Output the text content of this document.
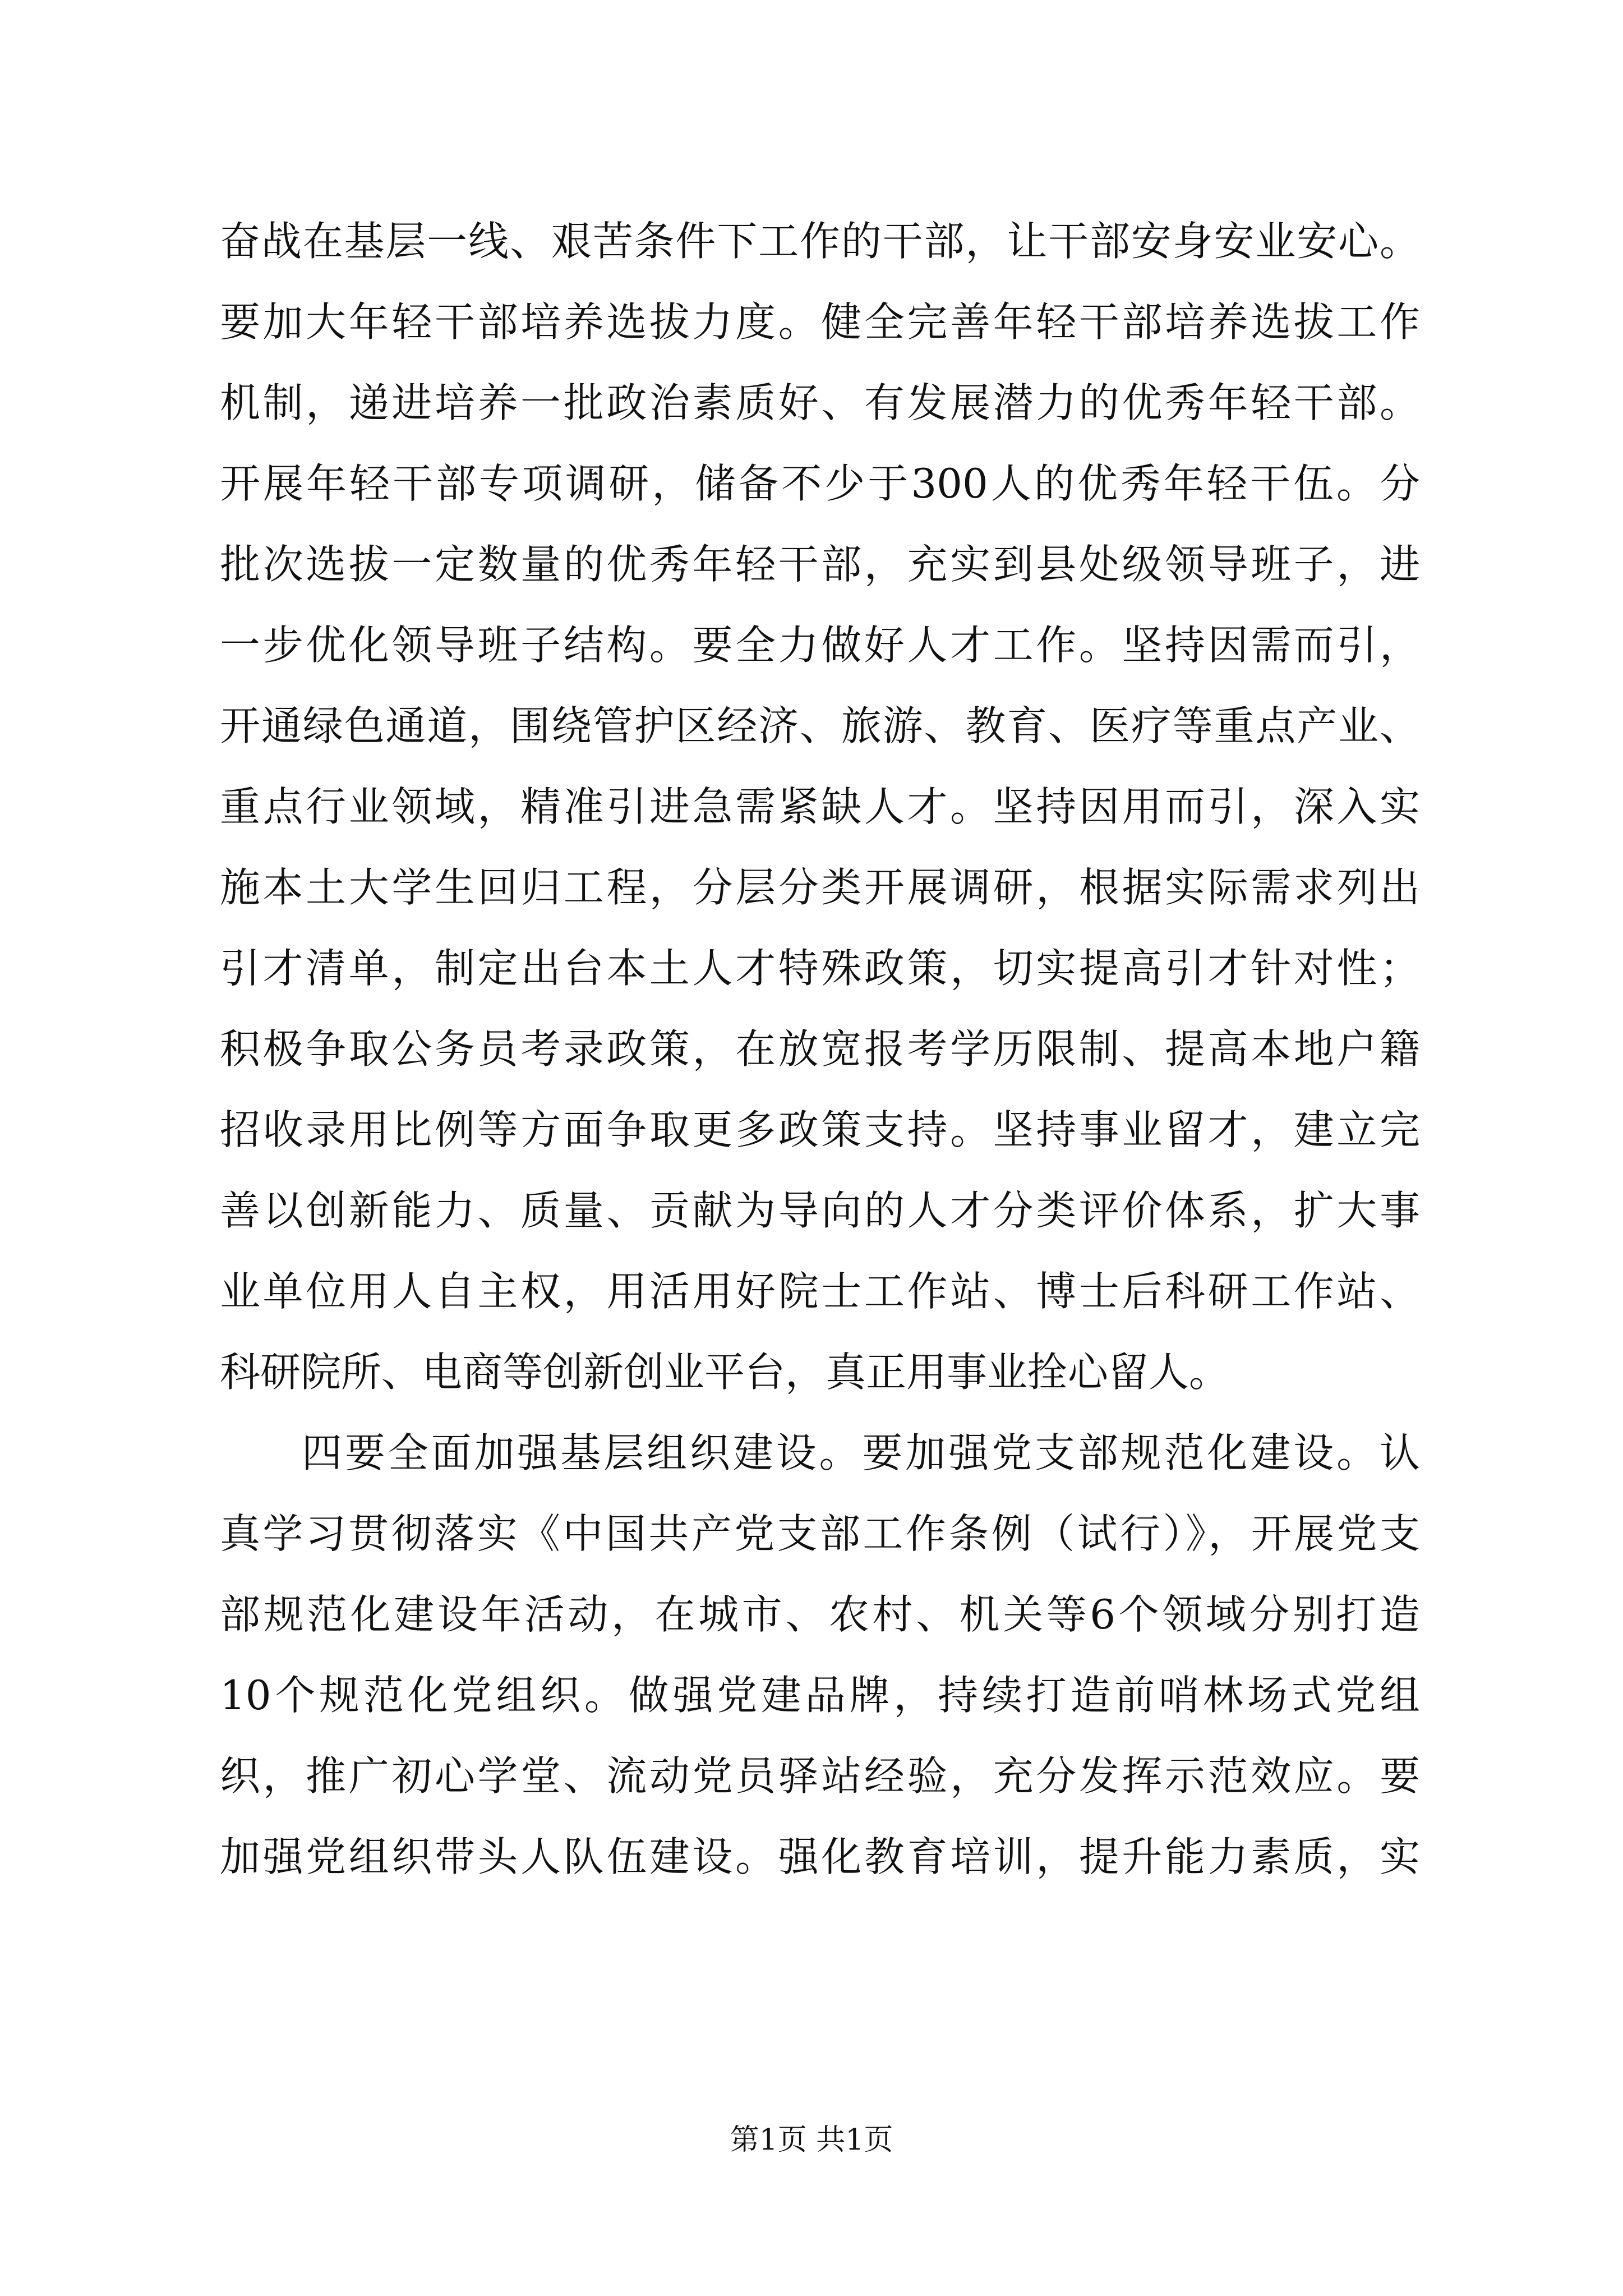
奋战在基层一线、艰苦条件下工作的干部，让干部安身安业安心。
要加大年轻干部培养选拔力度。健全完善年轻干部培养选拔工作
机制，递进培养一批政治素质好、有发展潜力的优秀年轻干部。
开展年轻干部专项调研，储备不少于300人的优秀年轻干伍。分
批次选拔一定数量的优秀年轻干部，充实到县处级领导班子，进
一步优化领导班子结构。要全力做好人才工作。坚持因需而引，
开通绿色通道，围绕管护区经济、旅游、教育、医疗等重点产业、
重点行业领域，精准引进急需紧缺人才。坚持因用而引，深入实
施本土大学生回归工程，分层分类开展调研，根据实际需求列出
引才清单，制定出台本土人才特殊政策，切实提高引才针对性；
积极争取公务员考录政策，在放宽报考学历限制、提高本地户籍
招收录用比例等方面争取更多政策支持。坚持事业留才，建立完
善以创新能力、质量、贡献为导向的人才分类评价体系，扩大事
业单位用人自主权，用活用好院士工作站、博士后科研工作站、
科研院所、电商等创新创业平台，真正用事业拴心留人。
四要全面加强基层组织建设。要加强党支部规范化建设。认
真学习贯彻落实《中国共产党支部工作条例（试行）》，开展党支
部规范化建设年活动，在城市、农村、机关等6个领域分别打造
10个规范化党组织。做强党建品牌，持续打造前哨林场式党组
织，推广初心学堂、流动党员驿站经验，充分发挥示范效应。要
加强党组织带头人队伍建设。强化教育培训，提升能力素质，实
第1页 共1页
